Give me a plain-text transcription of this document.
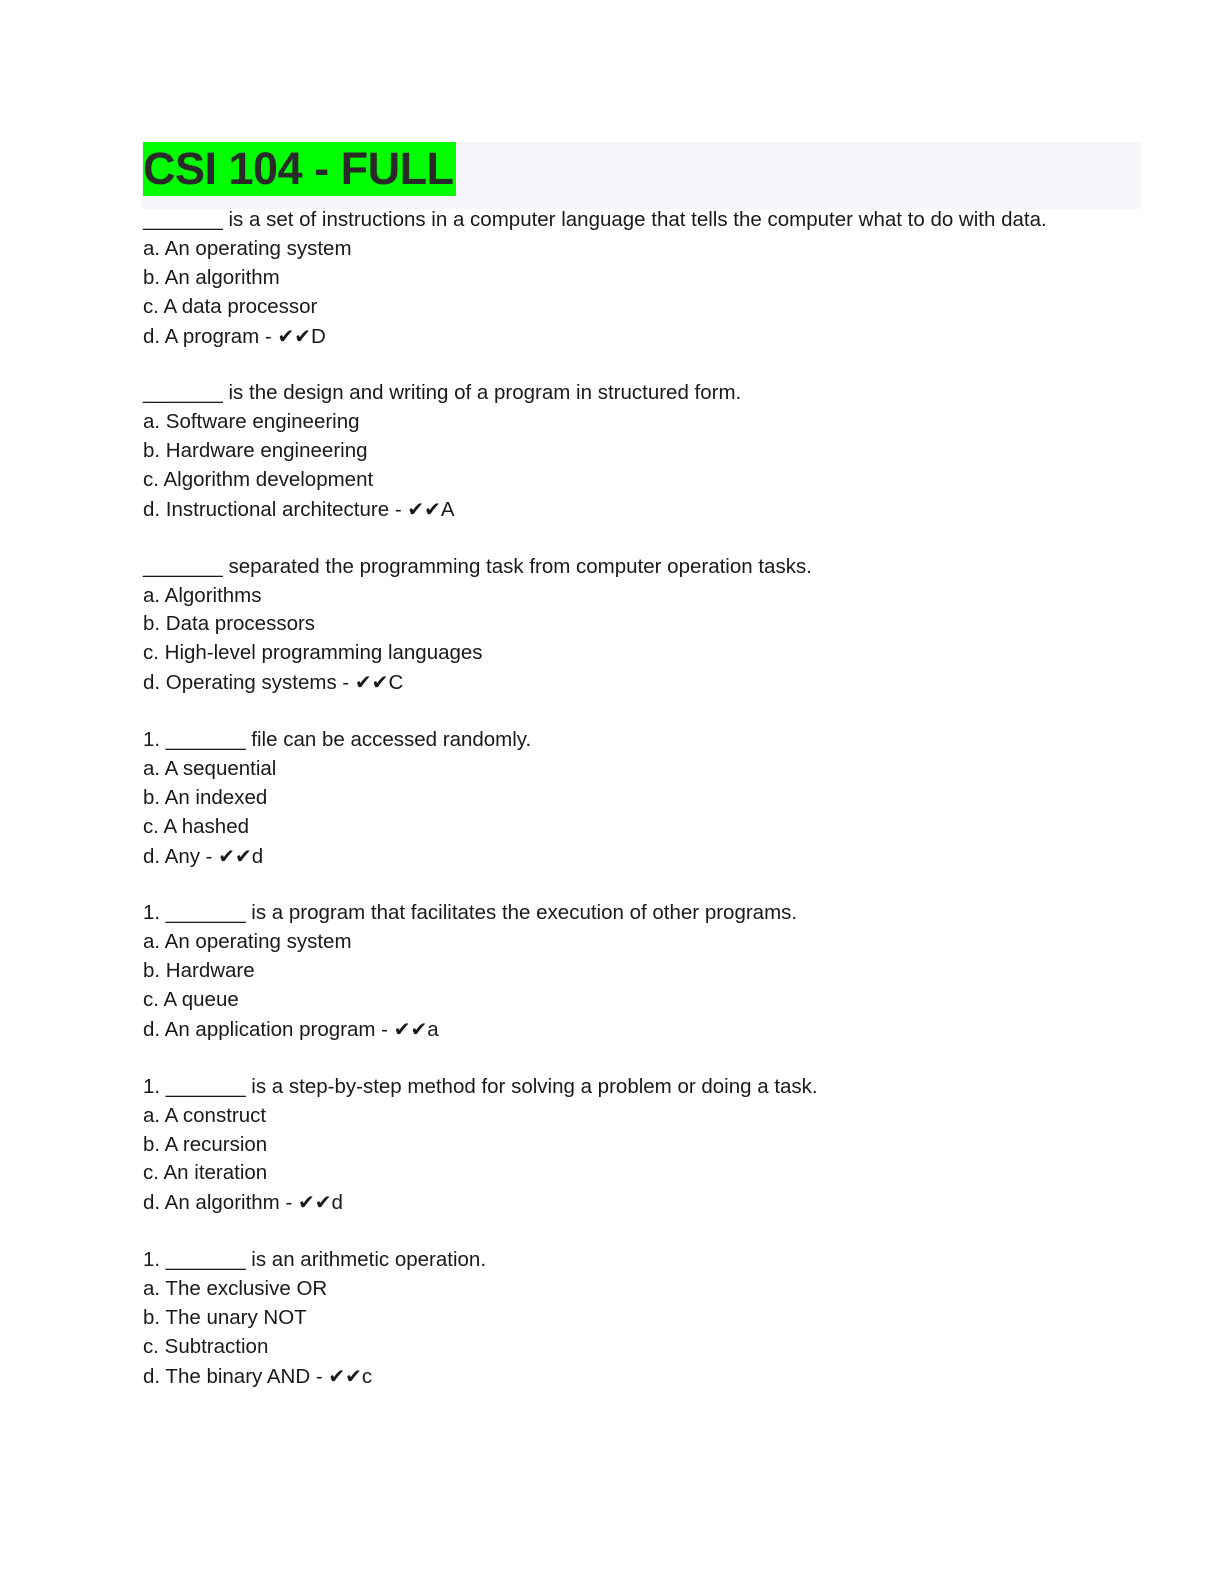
CSI 104 - FULL
_______ is a set of instructions in a computer language that tells the computer what to do with data.
a. An operating system
b. An algorithm
c. A data processor
d. A program - ✔✔D
_______ is the design and writing of a program in structured form.
a. Software engineering
b. Hardware engineering
c. Algorithm development
d. Instructional architecture - ✔✔A
_______ separated the programming task from computer operation tasks.
a. Algorithms
b. Data processors
c. High-level programming languages
d. Operating systems - ✔✔C
1. _______ file can be accessed randomly.
a. A sequential
b. An indexed
c. A hashed
d. Any - ✔✔d
1. _______ is a program that facilitates the execution of other programs.
a. An operating system
b. Hardware
c. A queue
d. An application program - ✔✔a
1. _______ is a step-by-step method for solving a problem or doing a task.
a. A construct
b. A recursion
c. An iteration
d. An algorithm - ✔✔d
1. _______ is an arithmetic operation.
a. The exclusive OR
b. The unary NOT
c. Subtraction
d. The binary AND - ✔✔c
